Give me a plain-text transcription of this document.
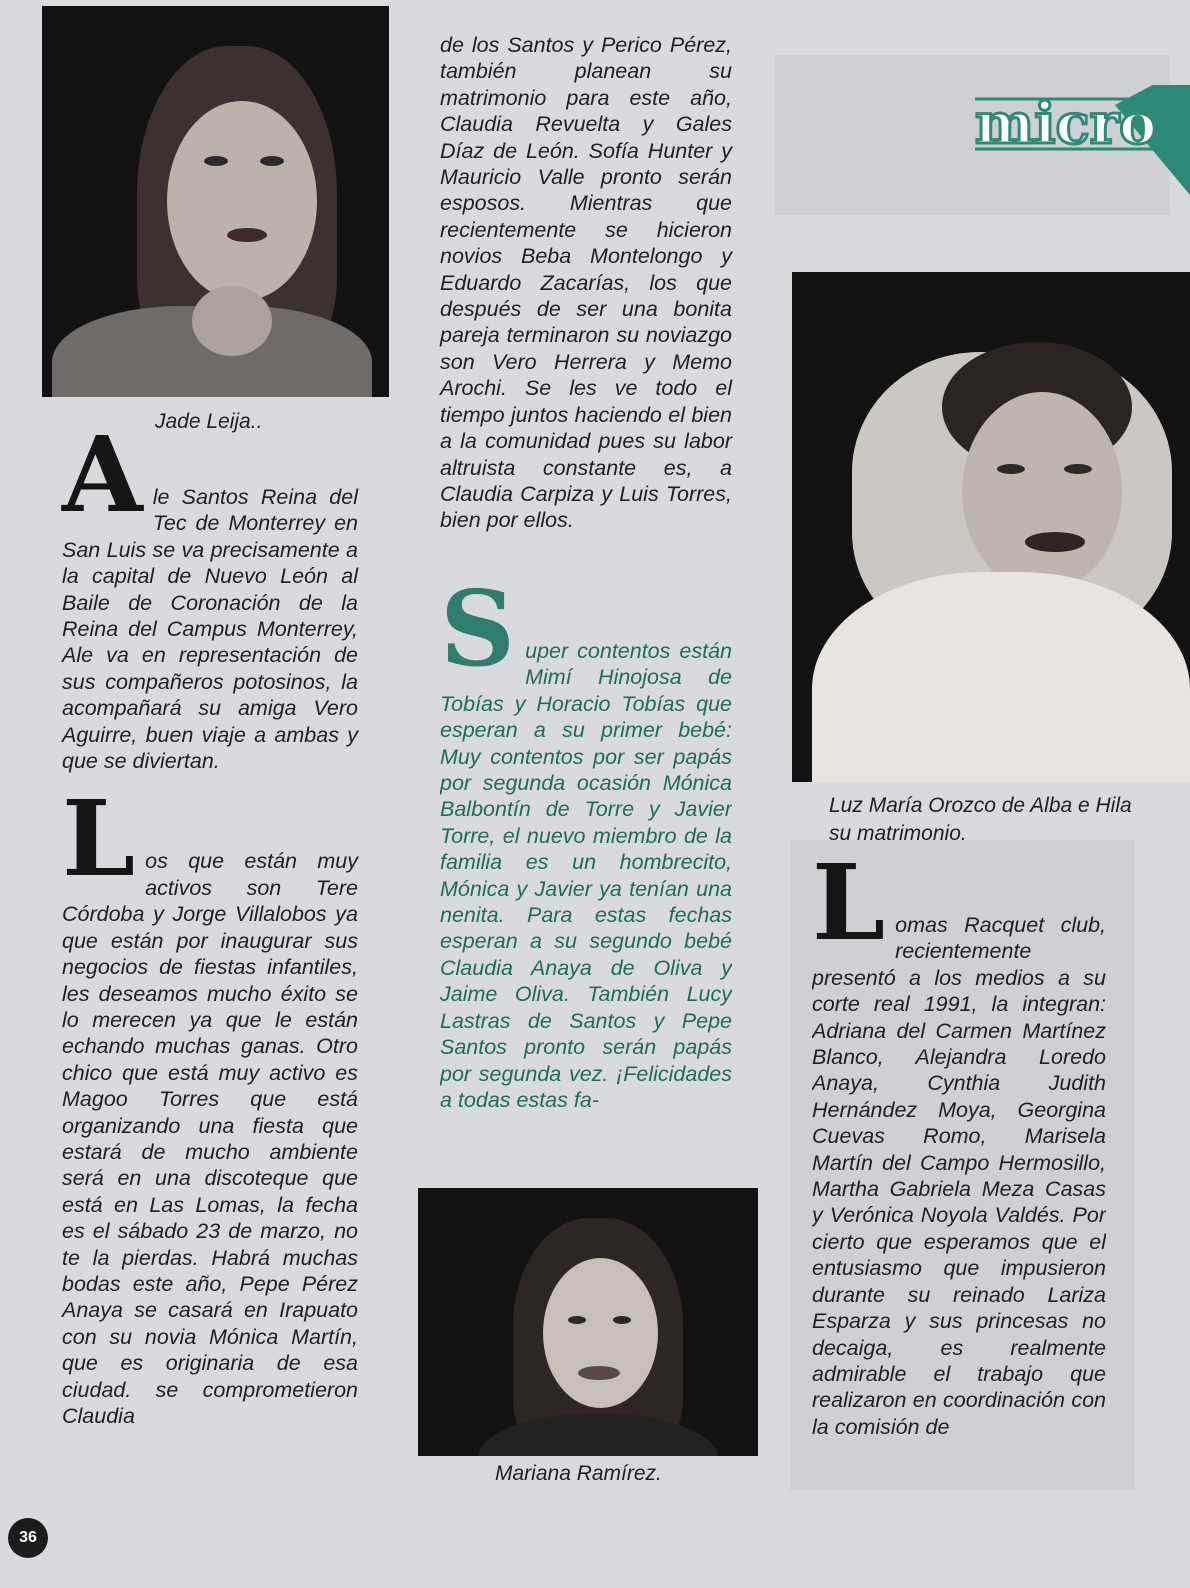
Jade Leija..
Mariana Ramírez.
Luz María Orozco de Alba e Hila
su matrimonio.
micro

A le Santos Reina del Tec de Monterrey en San Luis se va precisamente a la capital de Nuevo León al Baile de Coronación de la Reina del Campus Monterrey, Ale va en representación de sus compañeros potosinos, la acompañará su amiga Vero Aguirre, buen viaje a ambas y que se diviertan.

L os que están muy activos son Tere Córdoba y Jorge Villalobos ya que están por inaugurar sus negocios de fiestas infantiles, les deseamos mucho éxito se lo merecen ya que le están echando muchas ganas. Otro chico que está muy activo es Magoo Torres que está organizando una fiesta que estará de mucho ambiente será en una discoteque que está en Las Lomas, la fecha es el sábado 23 de marzo, no te la pierdas. Habrá muchas bodas este año, Pepe Pérez Anaya se casará en Irapuato con su novia Mónica Martín, que es originaria de esa ciudad. se comprometieron Claudia

de los Santos y Perico Pérez, también planean su matrimonio para este año, Claudia Revuelta y Gales Díaz de León. Sofía Hunter y Mauricio Valle pronto serán esposos. Mientras que recientemente se hicieron novios Beba Montelongo y Eduardo Zacarías, los que después de ser una bonita pareja terminaron su noviazgo son Vero Herrera y Memo Arochi. Se les ve todo el tiempo juntos haciendo el bien a la comunidad pues su labor altruista constante es, a Claudia Carpiza y Luis Torres, bien por ellos.

S uper contentos están Mimí Hinojosa de Tobías y Horacio Tobías que esperan a su primer bebé: Muy contentos por ser papás por segunda ocasión Mónica Balbontín de Torre y Javier Torre, el nuevo miembro de la familia es un hombrecito, Mónica y Javier ya tenían una nenita. Para estas fechas esperan a su segundo bebé Claudia Anaya de Oliva y Jaime Oliva. También Lucy Lastras de Santos y Pepe Santos pronto serán papás por segunda vez. ¡Felicidades a todas estas fa-

L omas Racquet club, recientemente presentó a los medios a su corte real 1991, la integran: Adriana del Carmen Martínez Blanco, Alejandra Loredo Anaya, Cynthia Judith Hernández Moya, Georgina Cuevas Romo, Marisela Martín del Campo Hermosillo, Martha Gabriela Meza Casas y Verónica Noyola Valdés. Por cierto que esperamos que el entusiasmo que impusieron durante su reinado Lariza Esparza y sus princesas no decaiga, es realmente admirable el trabajo que realizaron en coordinación con la comisión de

36
